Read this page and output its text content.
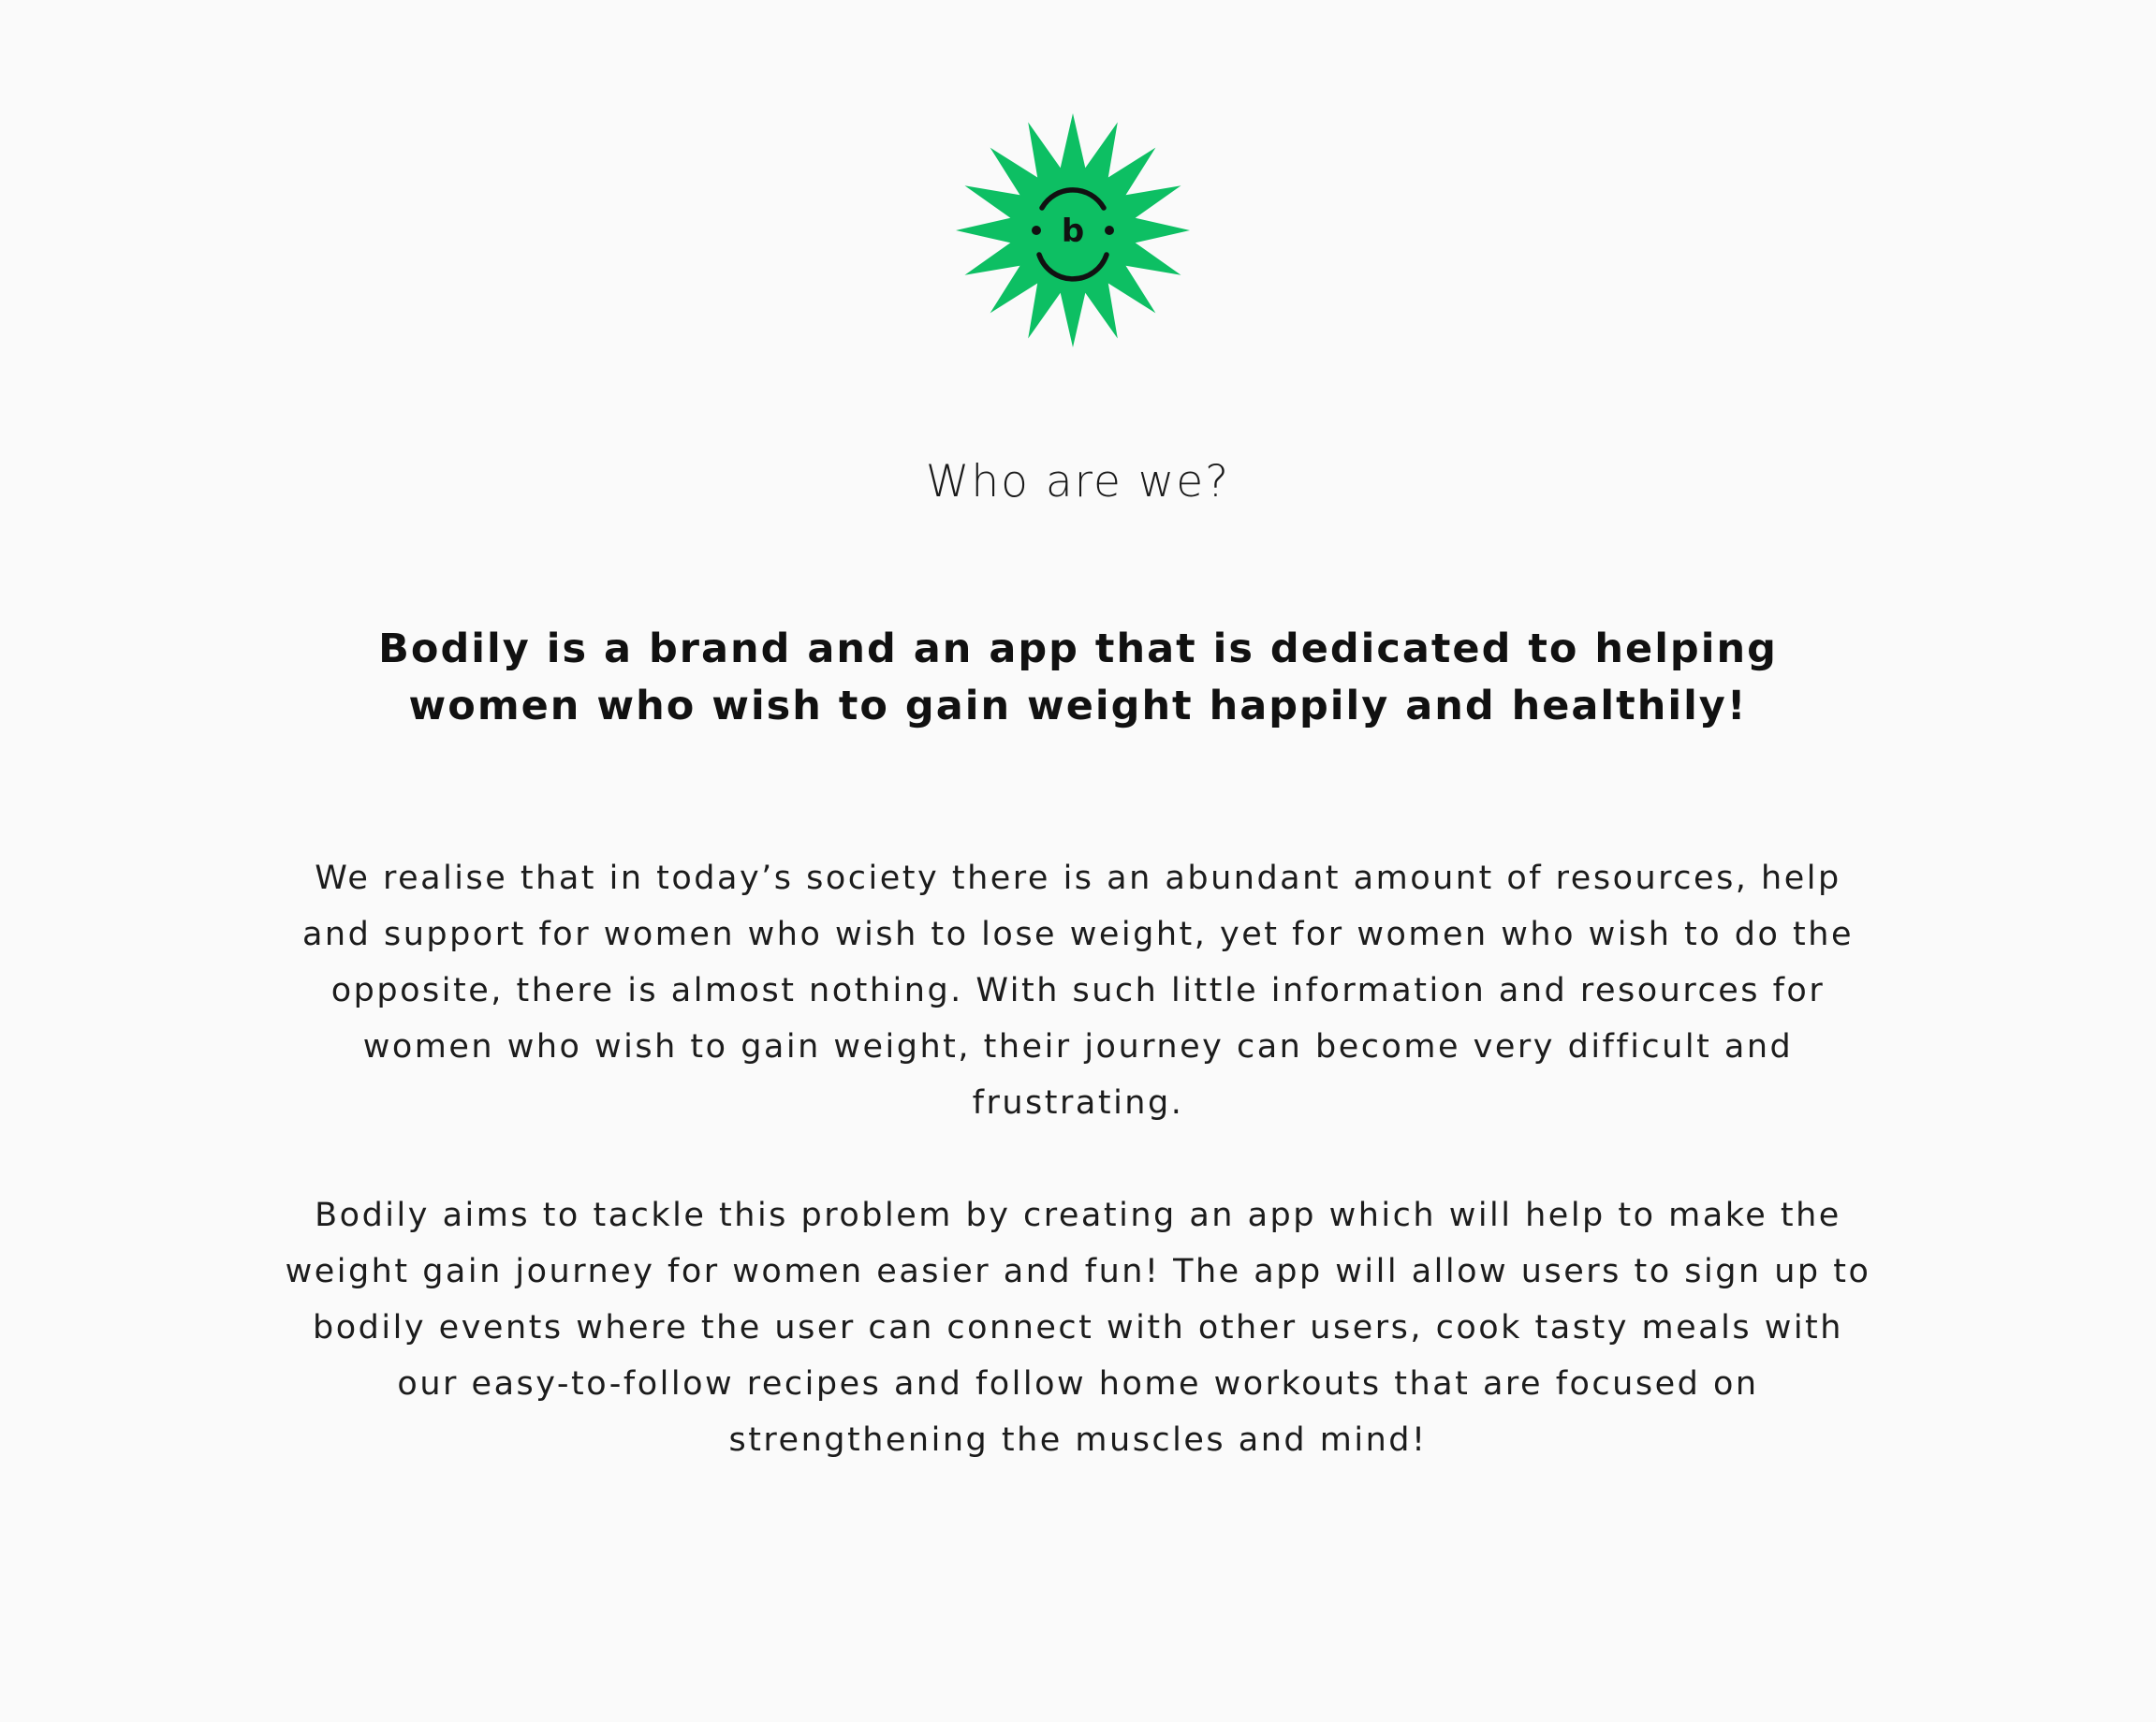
b
Who are we?

Bodily is a brand and an app that is dedicated to helping women who wish to gain weight happily and healthily!

We realise that in today’s society there is an abundant amount of resources, help and support for women who wish to lose weight, yet for women who wish to do the opposite, there is almost nothing. With such little information and resources for women who wish to gain weight, their journey can become very difficult and frustrating.

Bodily aims to tackle this problem by creating an app which will help to make the weight gain journey for women easier and fun! The app will allow users to sign up to bodily events where the user can connect with other users, cook tasty meals with our easy-to-follow recipes and follow home workouts that are focused on strengthening the muscles and mind!
